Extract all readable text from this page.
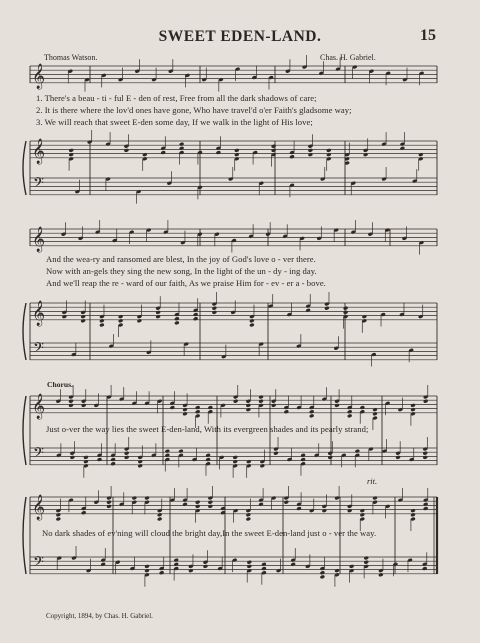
SWEET EDEN-LAND.	15
Thomas Watson.	Chas. H. Gabriel.
1. There's a beau - ti - ful E - den of rest, Free from all the dark shadows of care;
2. It is there where the lov'd ones have gone, Who have travel'd o'er Faith's gladsome way;
3. We will reach that sweet E-den some day, If we walk in the light of His love;
And the wea-ry and ransomed are blest, In the joy of God's love o - ver there.
Now with an-gels they sing the new song, In the light of the un - dy - ing day.
And we'll reap the re - ward of our faith, As we praise Him for - ev - er a - bove.
Chorus.
Just o-ver the way lies the sweet E-den-land, With its evergreen shades and its pearly strand;
No dark shades of ev'ning will cloud the bright day,In the sweet E-den-land just o - ver the way.
rit.
Copyright, 1894, by Chas. H. Gabriel.
𝄞
𝄞
𝄢
𝄞
𝄞
𝄢
𝄞
𝄢
𝄞
𝄢
